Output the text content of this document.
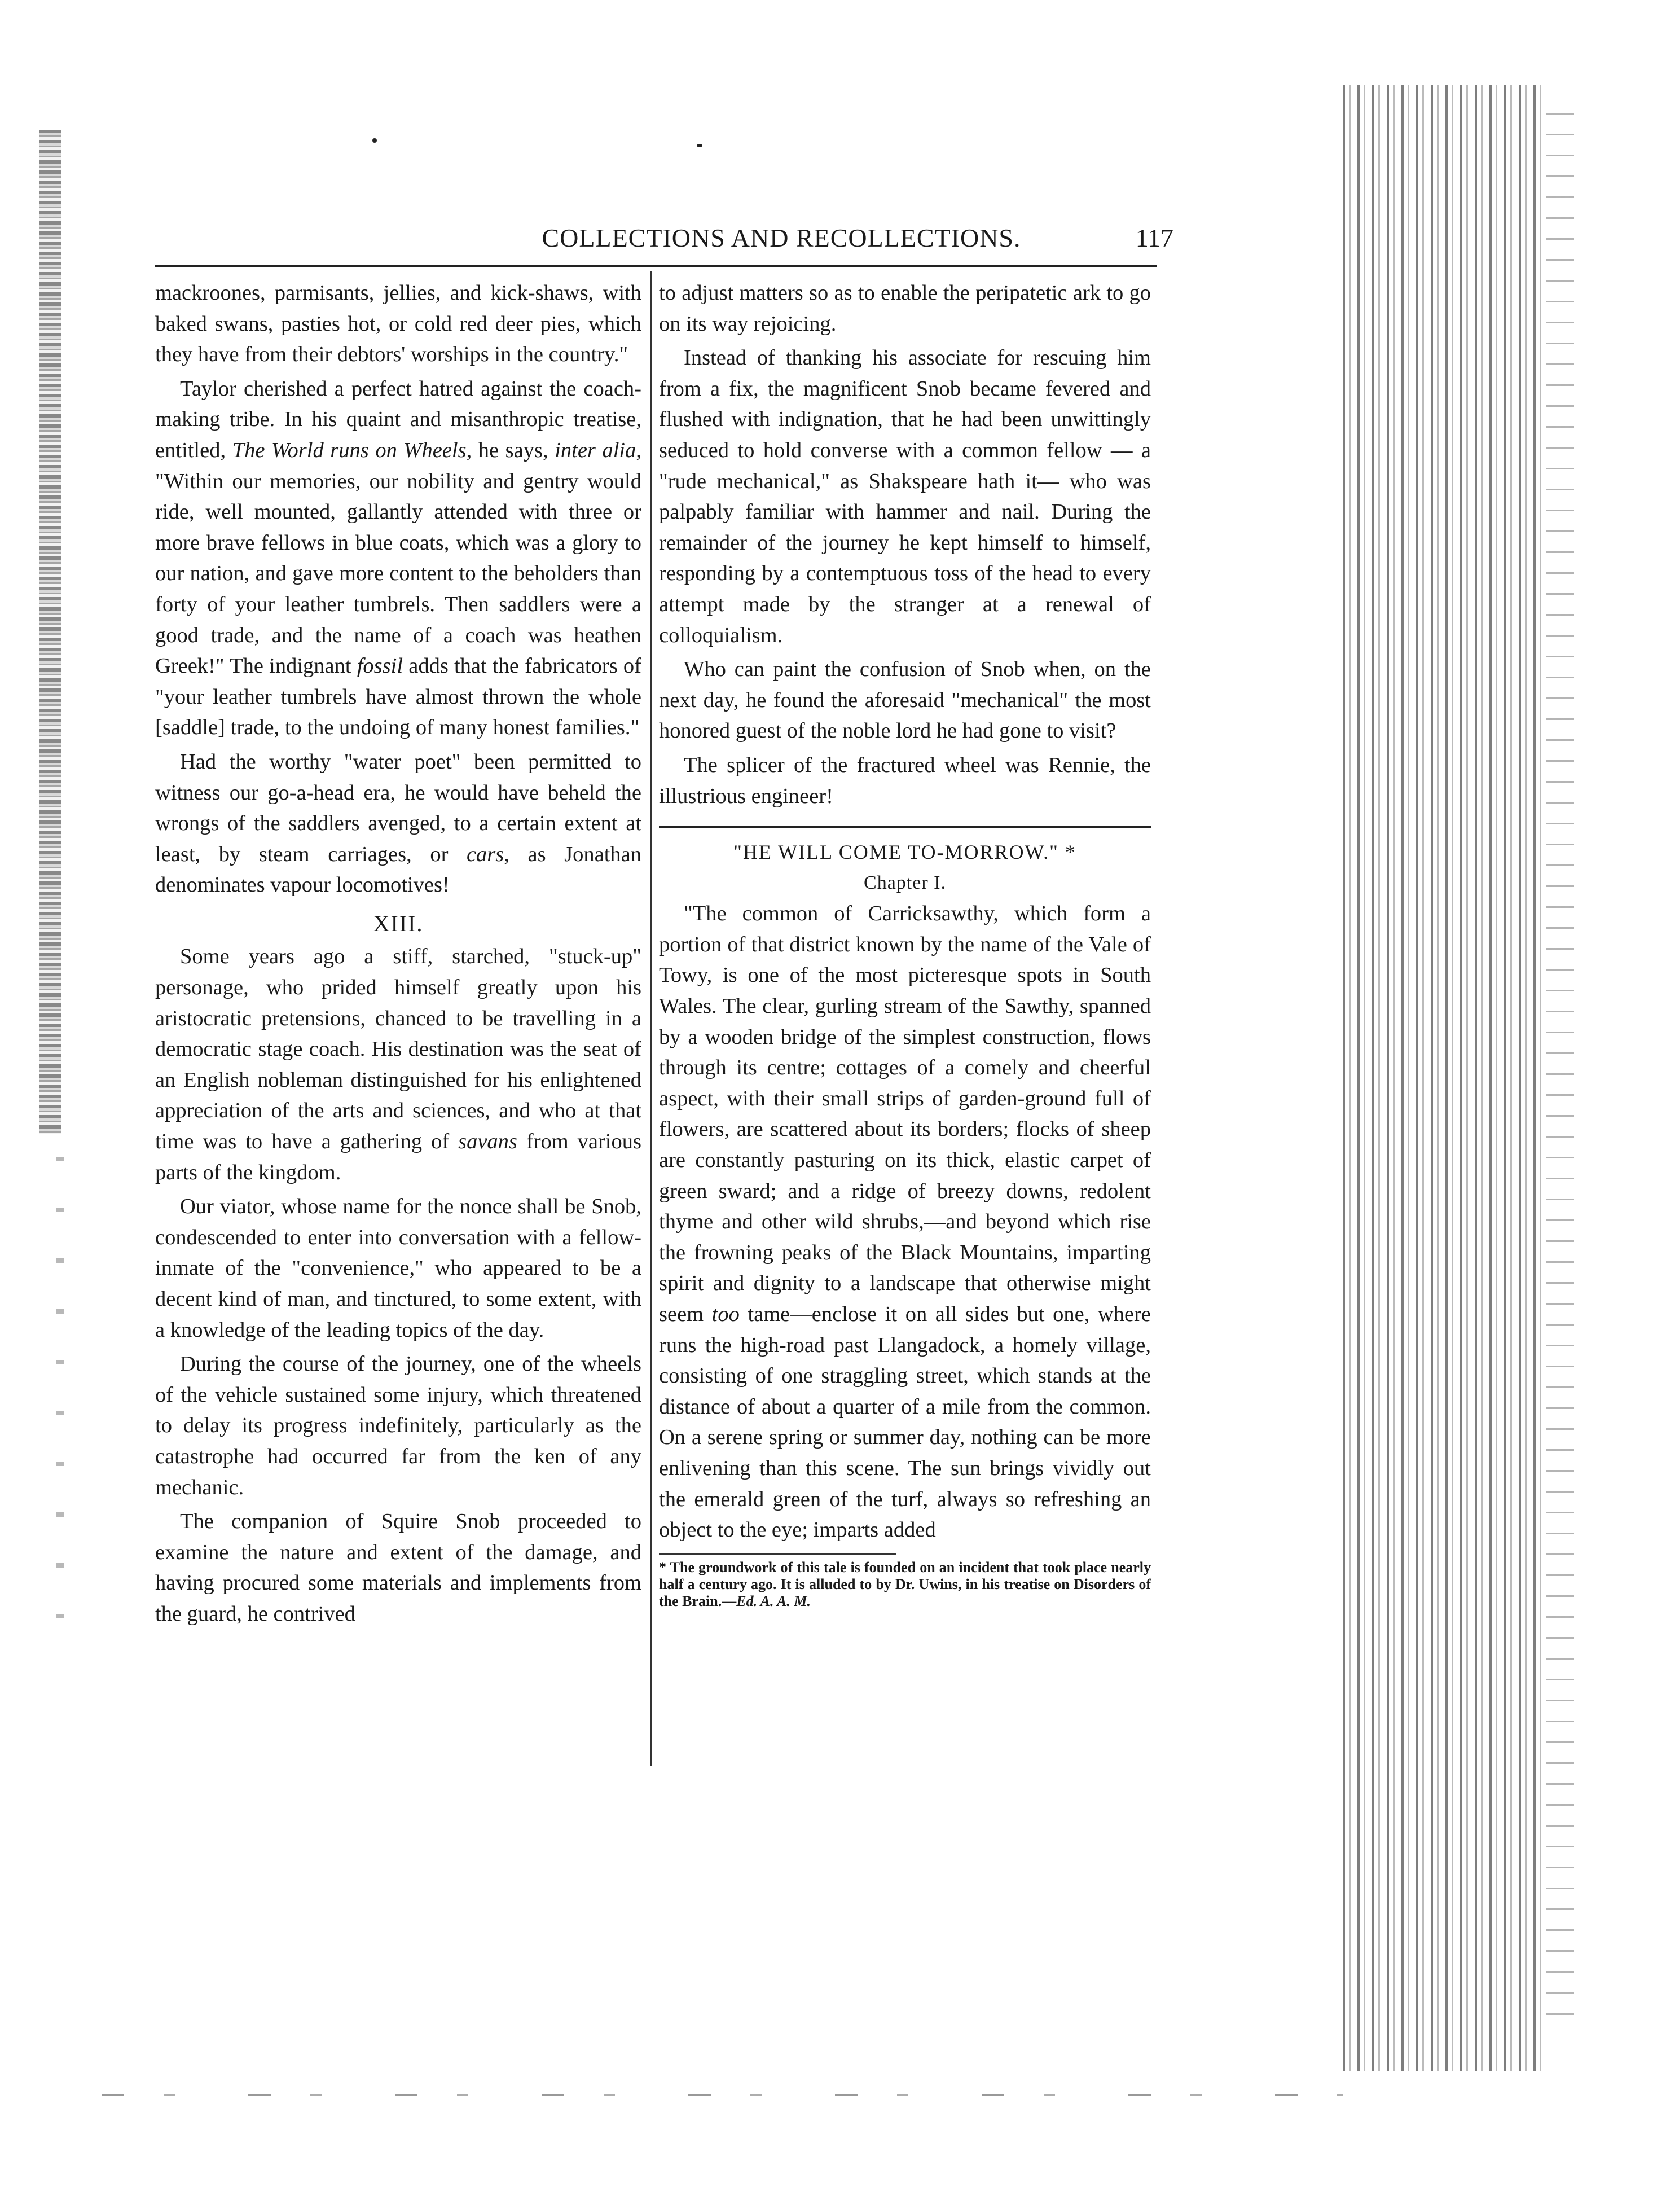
COLLECTIONS AND RECOLLECTIONS.	117

mackroones, parmisants, jellies, and kick-shaws, with baked swans, pasties hot, or cold red deer pies, which they have from their debtors' worships in the country."

Taylor cherished a perfect hatred against the coach-making tribe. In his quaint and misanthropic treatise, entitled, The World runs on Wheels, he says, inter alia, "Within our memories, our nobility and gentry would ride, well mounted, gallantly attended with three or more brave fellows in blue coats, which was a glory to our nation, and gave more content to the beholders than forty of your leather tumbrels. Then saddlers were a good trade, and the name of a coach was heathen Greek!" The indignant fossil adds that the fabricators of "your leather tumbrels have almost thrown the whole [saddle] trade, to the undoing of many honest families."

Had the worthy "water poet" been permitted to witness our go-a-head era, he would have beheld the wrongs of the saddlers avenged, to a certain extent at least, by steam carriages, or cars, as Jonathan denominates vapour locomotives!

XIII.

Some years ago a stiff, starched, "stuck-up" personage, who prided himself greatly upon his aristocratic pretensions, chanced to be travelling in a democratic stage coach. His destination was the seat of an English nobleman distinguished for his enlightened appreciation of the arts and sciences, and who at that time was to have a gathering of savans from various parts of the kingdom.

Our viator, whose name for the nonce shall be Snob, condescended to enter into conversation with a fellow-inmate of the "convenience," who appeared to be a decent kind of man, and tinctured, to some extent, with a knowledge of the leading topics of the day.

During the course of the journey, one of the wheels of the vehicle sustained some injury, which threatened to delay its progress indefinitely, particularly as the catastrophe had occurred far from the ken of any mechanic.

The companion of Squire Snob proceeded to examine the nature and extent of the damage, and having procured some materials and implements from the guard, he contrived

to adjust matters so as to enable the peripatetic ark to go on its way rejoicing.

Instead of thanking his associate for rescuing him from a fix, the magnificent Snob became fevered and flushed with indignation, that he had been unwittingly seduced to hold converse with a common fellow — a "rude mechanical," as Shakspeare hath it— who was palpably familiar with hammer and nail. During the remainder of the journey he kept himself to himself, responding by a contemptuous toss of the head to every attempt made by the stranger at a renewal of colloquialism.

Who can paint the confusion of Snob when, on the next day, he found the aforesaid "mechanical" the most honored guest of the noble lord he had gone to visit?

The splicer of the fractured wheel was Rennie, the illustrious engineer!

"HE WILL COME TO-MORROW." *
Chapter I.

"The common of Carricksawthy, which form a portion of that district known by the name of the Vale of Towy, is one of the most picteresque spots in South Wales. The clear, gurling stream of the Sawthy, spanned by a wooden bridge of the simplest construction, flows through its centre; cottages of a comely and cheerful aspect, with their small strips of garden-ground full of flowers, are scattered about its borders; flocks of sheep are constantly pasturing on its thick, elastic carpet of green sward; and a ridge of breezy downs, redolent thyme and other wild shrubs,—and beyond which rise the frowning peaks of the Black Mountains, imparting spirit and dignity to a landscape that otherwise might seem too tame—enclose it on all sides but one, where runs the high-road past Llangadock, a homely village, consisting of one straggling street, which stands at the distance of about a quarter of a mile from the common. On a serene spring or summer day, nothing can be more enlivening than this scene. The sun brings vividly out the emerald green of the turf, always so refreshing an object to the eye; imparts added

* The groundwork of this tale is founded on an incident that took place nearly half a century ago. It is alluded to by Dr. Uwins, in his treatise on Disorders of the Brain.—Ed. A. A. M.
